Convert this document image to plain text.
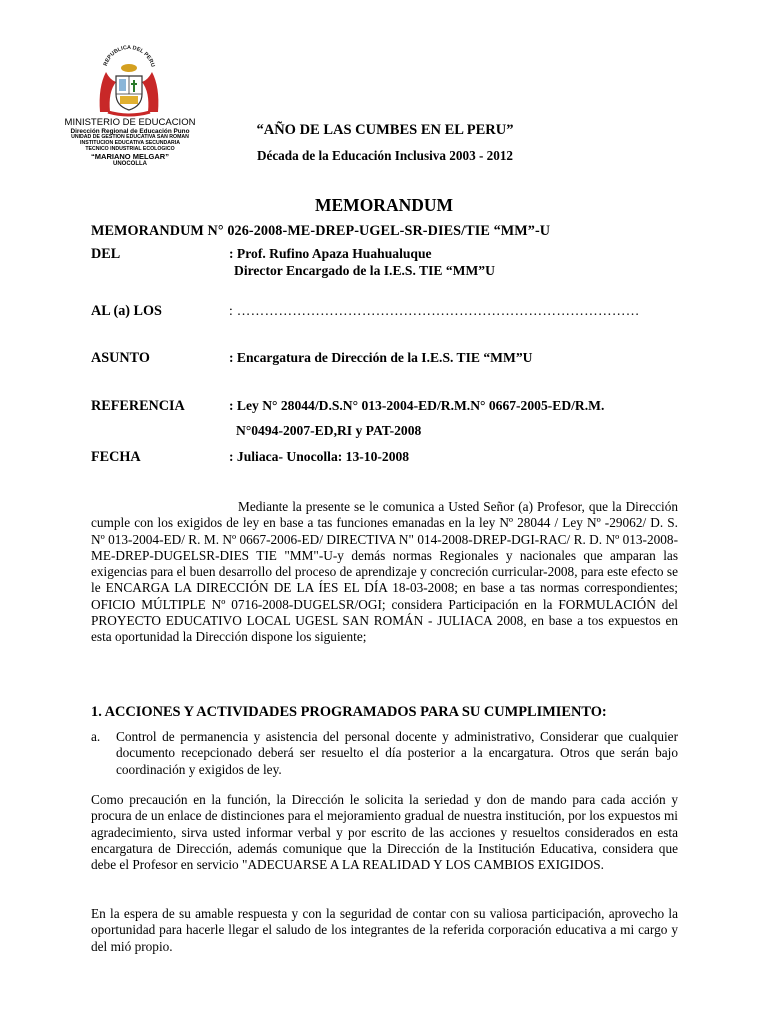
REPUBLICA DEL PERU
MINISTERIO DE EDUCACION
Dirección Regional de Educación Puno
UNIDAD DE GESTION EDUCATIVA SAN ROMAN
INSTITUCION EDUCATIVA SECUNDARIA
TECNICO INDUSTRIAL ECOLOGICO
“MARIANO MELGAR”
UNOCOLLA
“AÑO DE LAS CUMBES EN EL PERU”
Década de la Educación Inclusiva 2003 - 2012
MEMORANDUM
MEMORANDUM N° 026-2008-ME-DREP-UGEL-SR-DIES/TIE “MM”-U
DEL	: Prof. Rufino Apaza Huahualuque
Director Encargado de la I.E.S. TIE “MM”U
AL (a) LOS	: ……………………………………………………………………………
ASUNTO	: Encargatura de Dirección de la I.E.S. TIE “MM”U
REFERENCIA	: Ley N° 28044/D.S.N° 013-2004-ED/R.M.N° 0667-2005-ED/R.M.
N°0494-2007-ED,RI y PAT-2008
FECHA	: Juliaca- Unocolla: 13-10-2008
Mediante la presente se le comunica a Usted Señor (a) Profesor, que la Dirección cumple con los exigidos de ley en base a tas funciones emanadas en la ley Nº 28044 / Ley Nº -29062/ D. S. Nº 013-2004-ED/ R. M. Nº 0667-2006-ED/ DIRECTIVA N" 014-2008-DREP-DGI-RAC/ R. D. Nº 013-2008-ME-DREP-DUGELSR-DIES TIE "MM"-U-y demás normas Regionales y nacionales que amparan las exigencias para el buen desarrollo del proceso de aprendizaje y concreción curricular-2008, para este efecto se le ENCARGA LA DIRECCIÓN DE LA ÍES EL DÍA 18-03-2008; en base a tas normas correspondientes; OFICIO MÚLTIPLE Nº 0716-2008-DUGELSR/OGI; considera Participación en la FORMULACIÓN del PROYECTO EDUCATIVO LOCAL UGESL SAN ROMÁN - JULIACA 2008, en base a tos expuestos en esta oportunidad la Dirección dispone los siguiente;
1. ACCIONES Y ACTIVIDADES PROGRAMADOS PARA SU CUMPLIMIENTO:
a. Control de permanencia y asistencia del personal docente y administrativo, Considerar que cualquier documento recepcionado deberá ser resuelto el día posterior a la encargatura. Otros que serán bajo coordinación y exigidos de ley.
Como precaución en la función, la Dirección le solicita la seriedad y don de mando para cada acción y procura de un enlace de distinciones para el mejoramiento gradual de nuestra institución, por los expuestos mi agradecimiento, sirva usted informar verbal y por escrito de las acciones y resueltos considerados en esta encargatura de Dirección, además comunique que la Dirección de la Institución Educativa, considera que debe el Profesor en servicio "ADECUARSE A LA REALIDAD Y LOS CAMBIOS EXIGIDOS.
En la espera de su amable respuesta y con la seguridad de contar con su valiosa participación, aprovecho la oportunidad para hacerle llegar el saludo de los integrantes de la referida corporación educativa a mi cargo y del mió propio.
